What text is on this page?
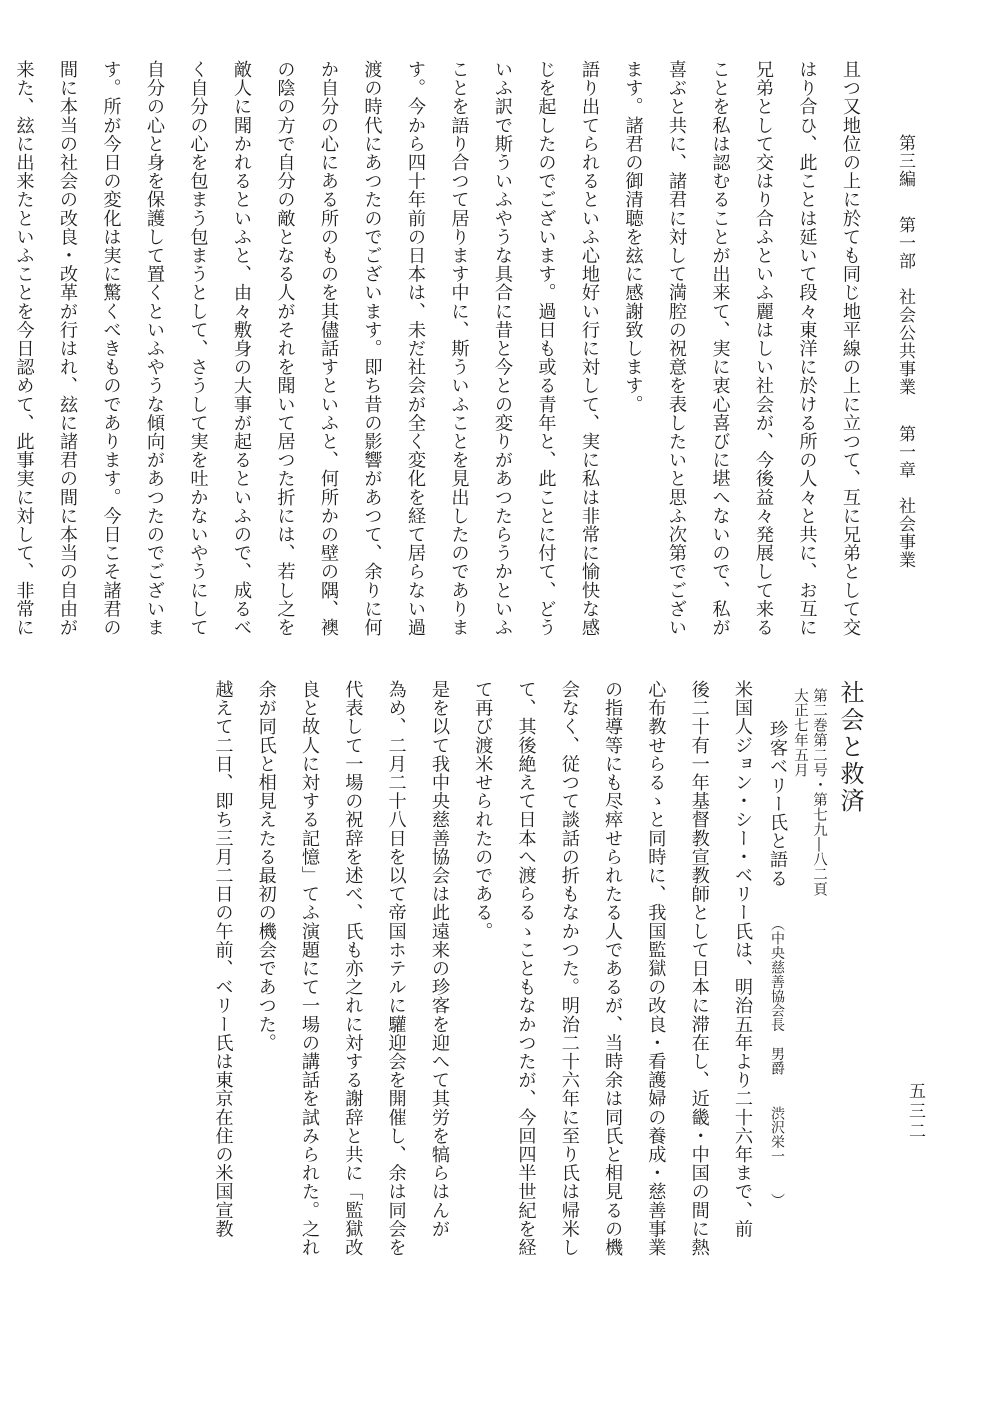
第三編 第一部　社会公共事業 第一章　社会事業
五三二

且つ又地位の上に於ても同じ地平線の上に立つて、互に兄弟として交

はり合ひ、此ことは延いて段々東洋に於ける所の人々と共に、お互に

兄弟として交はり合ふといふ麗はしい社会が、今後益々発展して来る

ことを私は認むることが出来て、実に衷心喜びに堪へないので、私が

喜ぶと共に、諸君に対して満腔の祝意を表したいと思ふ次第でござい

ます。諸君の御清聴を玆に感謝致します。

語り出てられるといふ心地好い行に対して、実に私は非常に愉快な感

じを起したのでございます。過日も或る青年と、此ことに付て、どう

いふ訳で斯ういふやうな具合に昔と今との変りがあつたらうかといふ

ことを語り合つて居ります中に、斯ういふことを見出したのでありま

す。今から四十年前の日本は、未だ社会が全く変化を経て居らない過

渡の時代にあつたのでございます。即ち昔の影響があつて、余りに何

か自分の心にある所のものを其儘話すといふと、何所かの壁の隅、襖

の陰の方で自分の敵となる人がそれを聞いて居つた折には、若し之を

敵人に聞かれるといふと、由々敷身の大事が起るといふので、成るべ

く自分の心を包まう包まうとして、さうして実を吐かないやうにして

自分の心と身を保護して置くといふやうな傾向があつたのでございま

す。所が今日の変化は実に驚くべきものであります。今日こそ諸君の

間に本当の社会の改良・改革が行はれ、玆に諸君の間に本当の自由が

来た、玆に出来たといふことを今日認めて、此事実に対して、非常に

社会と救済

第二巻第二号・第七九―八二頁
大正七年五月

珍客ベリー氏と語る（中央慈善協会長　男爵渋沢栄一）

米国人ジョン・シー・ベリー氏は、明治五年より二十六年まで、前

後二十有一年基督教宣教師として日本に滞在し、近畿・中国の間に熱

心布教せらるゝと同時に、我国監獄の改良・看護婦の養成・慈善事業

の指導等にも尽瘁せられたる人であるが、当時余は同氏と相見るの機

会なく、従つて談話の折もなかつた。明治二十六年に至り氏は帰米し

て、其後絶えて日本へ渡らるゝこともなかつたが、今回四半世紀を経

て再び渡米せられたのである。

是を以て我中央慈善協会は此遠来の珍客を迎へて其労を犒らはんが

為め、二月二十八日を以て帝国ホテルに驩迎会を開催し、余は同会を

代表して一場の祝辞を述べ、氏も亦之れに対する謝辞と共に「監獄改

良と故人に対する記憶」てふ演題にて一場の講話を試みられた。之れ

余が同氏と相見えたる最初の機会であつた。

越えて二日、即ち三月二日の午前、ベリー氏は東京在住の米国宣教
